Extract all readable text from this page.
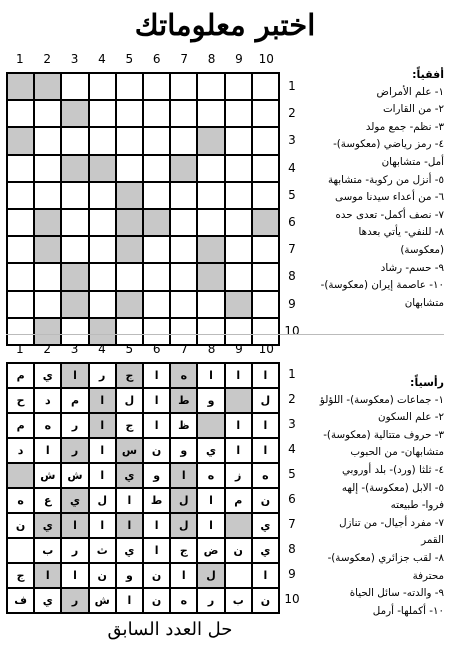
اختبر معلوماتك
10
9
8
7
6
5
4
3
2
1
1
2
3
4
5
6
7
8
9
10
أفقياً:
١- علم الأمراض
٢- من القارات
٣- نظم- جمع مولد
٤- رمز رياضي (معكوسة)-
أمل- متشابهان
٥- أنزل من ركوبة- متشابهة
٦- من أعداء سيدنا موسى
٧- نصف أكمل- تعدى حده
٨- للنفي- يأتي بعدها
(معكوسة)
٩- حسم- رشاد
١٠- عاصمة إيران (معكوسة)-
متشابهان
10
9
8
7
6
5
4
3
2
1
ا
ا
ا
ه
ا
ج
ر
ا
ي
م
ل
و
ط
ا
ل
ا
م
د
ح
ا
ا
ظ
ا
ج
ا
ر
ه
م
ا
ا
ي
و
ن
س
ا
ر
ا
د
ه
ز
ه
ا
و
ي
ا
ش
ش
ن
م
ا
ل
ط
ا
ل
ي
ع
ه
ي
ا
ل
ا
ا
ا
ا
ي
ن
ي
ن
ض
ج
ا
ي
ث
ر
ب
ا
ل
ا
ن
و
ن
ا
ا
ج
ن
ب
ر
ه
ن
ا
ش
ر
ي
ف
1
2
3
4
5
6
7
8
9
10
رأسياً:
١- جماعات (معكوسة)- اللؤلؤ
٢- علم السكون
٣- حروف متتالية (معكوسة)-
متشابهان- من الحبوب
٤- ثلثا (ورد)- بلد أوروبي
٥- الابل (معكوسة)- إلهه
فروا- طبيعته
٧- مفرد أجيال- من تنازل
القمر
٨- لقب جزائري (معكوسة)-
محترفة
٩- والدته- سائل الحياة
١٠- أكملها- أرمل
حل العدد السابق
